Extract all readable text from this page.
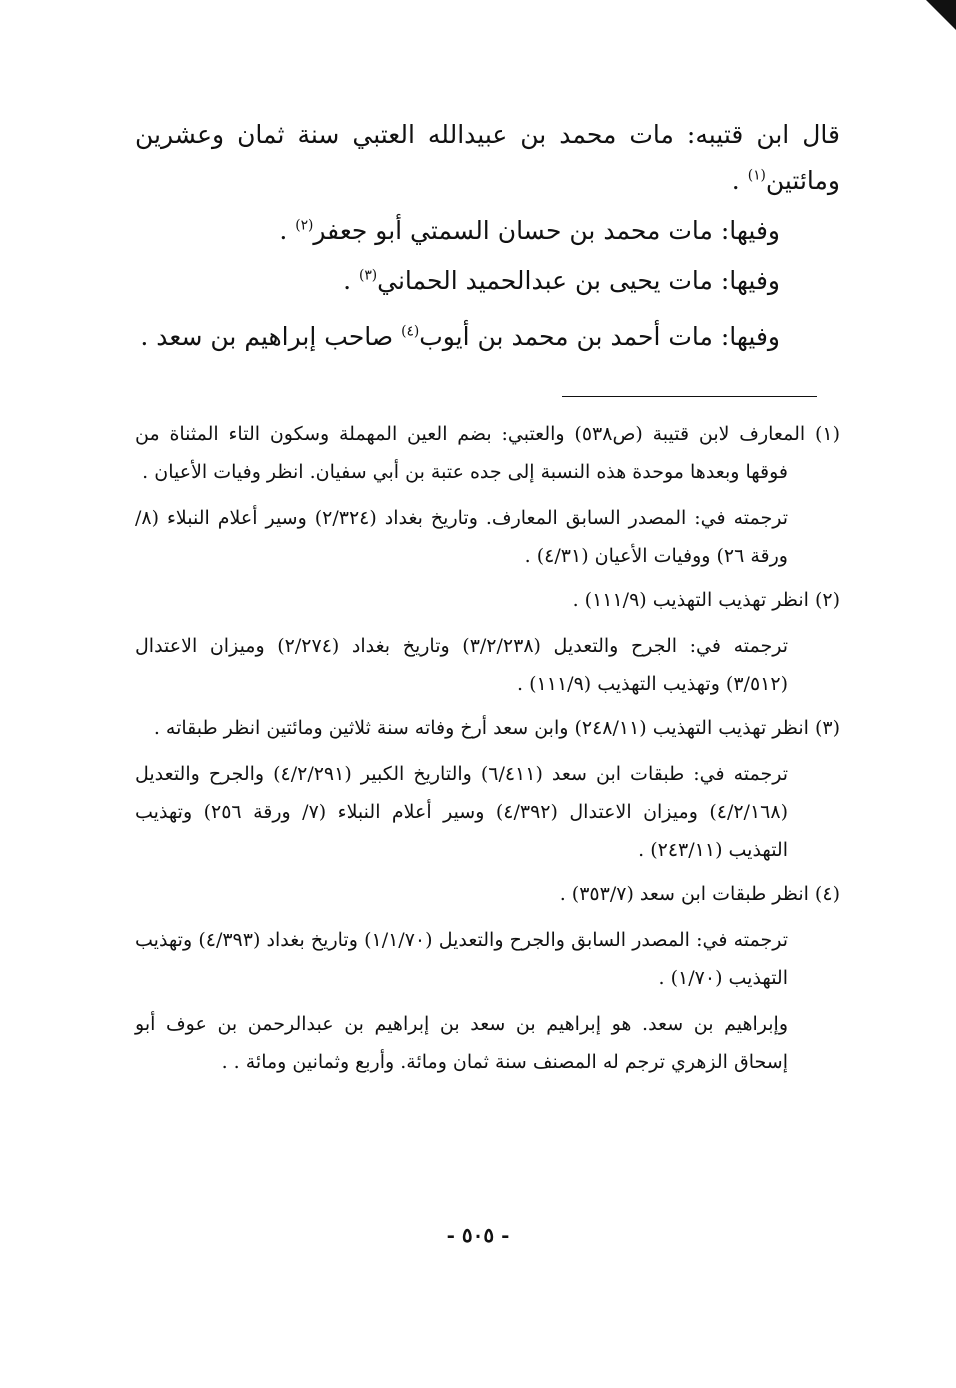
قال ابن قتيبه: مات محمد بن عبيدالله العتبي سنة ثمان وعشرين ومائتين$^{(١)}$ .

وفيها: مات محمد بن حسان السمتي أبو جعفر$^{(٢)}$ .

وفيها: مات يحيى بن عبدالحميد الحماني$^{(٣)}$ .

وفيها: مات أحمد بن محمد بن أيوب$^{(٤)}$ صاحب إبراهيم بن سعد .

(١) المعارف لابن قتيبة (ص٥٣٨) والعتبي: بضم العين المهملة وسكون التاء المثناة من فوقها وبعدها موحدة هذه النسبة إلى جده عتبة بن أبي سفيان. انظر وفيات الأعيان .

ترجمته في: المصدر السابق المعارف. وتاريخ بغداد (٢/٣٢٤) وسير أعلام النبلاء (٨/ ورقة ٢٦) ووفيات الأعيان (٤/٣١) .

(٢) انظر تهذيب التهذيب (١١١/٩) .

ترجمته في: الجرح والتعديل (٣/٢/٢٣٨) وتاريخ بغداد (٢/٢٧٤) وميزان الاعتدال (٣/٥١٢) وتهذيب التهذيب (١١١/٩) .

(٣) انظر تهذيب التهذيب (٢٤٨/١١) وابن سعد أرخ وفاته سنة ثلاثين ومائتين انظر طبقاته .

ترجمته في: طبقات ابن سعد (٦/٤١١) والتاريخ الكبير (٤/٢/٢٩١) والجرح والتعديل (٤/٢/١٦٨) وميزان الاعتدال (٤/٣٩٢) وسير أعلام النبلاء (٧/ ورقة ٢٥٦) وتهذيب التهذيب (٢٤٣/١١) .

(٤) انظر طبقات ابن سعد (٣٥٣/٧) .

ترجمته في: المصدر السابق والجرح والتعديل (١/١/٧٠) وتاريخ بغداد (٤/٣٩٣) وتهذيب التهذيب (١/٧٠) .

وإبراهيم بن سعد. هو إبراهيم بن سعد بن إبراهيم بن عبدالرحمن بن عوف أبو إسحاق الزهري ترجم له المصنف سنة ثمان ومائة. وأربع وثمانين ومائة . .

- ٥٠٥ -
